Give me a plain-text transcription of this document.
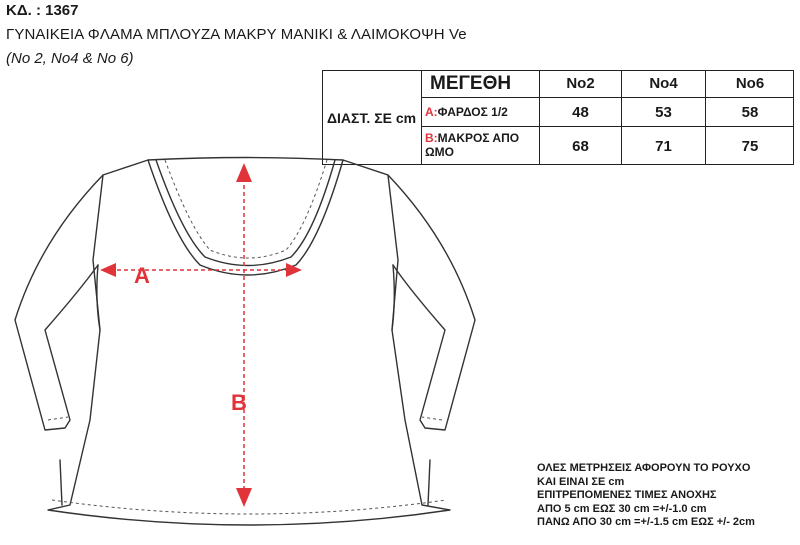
ΚΔ. : 1367
ΓΥΝΑΙΚΕΙΑ ΦΛΑΜΑ ΜΠΛΟΥΖΑ ΜΑΚΡΥ ΜΑΝΙΚΙ & ΛΑΙΜΟΚΟΨΗ Ve
(No 2, No4 & No 6)
ΔΙΑΣΤ. ΣΕ cm
ΜΕΓΕΘΗ	No2	No4	No6
A:ΦΑΡΔΟΣ 1/2	48	53	58
B:ΜΑΚΡΟΣ ΑΠΟ ΩΜΟ	68	71	75
A
B
ΟΛΕΣ ΜΕΤΡΗΣΕΙΣ ΑΦΟΡΟΥΝ ΤΟ ΡΟΥΧΟ
ΚΑΙ ΕΙΝΑΙ ΣΕ cm
ΕΠΙΤΡΕΠΟΜΕΝΕΣ ΤΙΜΕΣ ΑΝΟΧΗΣ
ΑΠΟ 5 cm ΕΩΣ 30 cm =+/-1.0 cm
ΠΑΝΩ ΑΠΟ 30 cm =+/-1.5 cm ΕΩΣ +/- 2cm
